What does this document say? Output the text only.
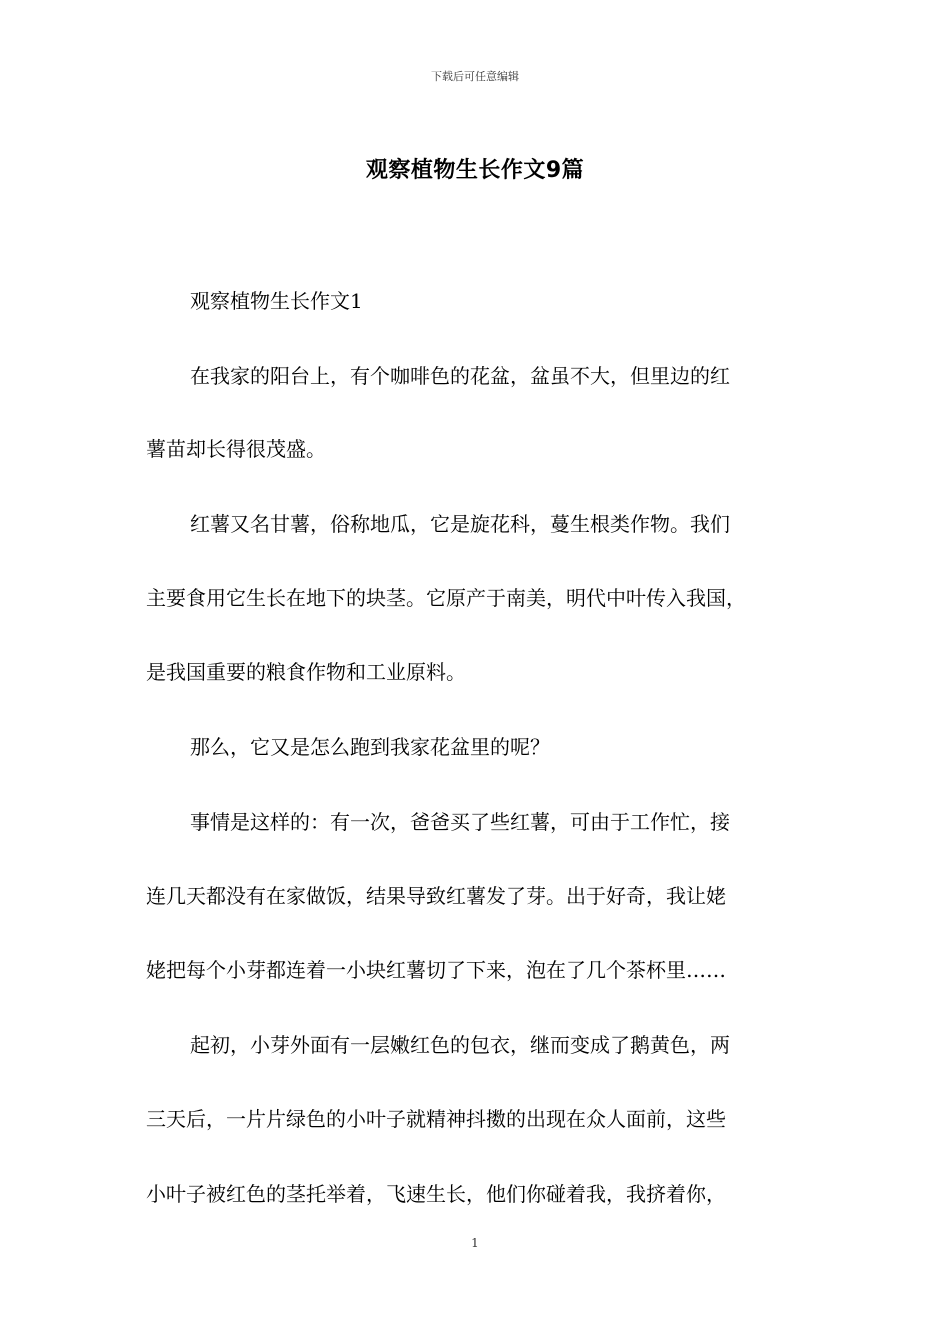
下载后可任意编辑
观察植物生长作文9篇
观察植物生长作文1
在我家的阳台上，有个咖啡色的花盆，盆虽不大，但里边的红
薯苗却长得很茂盛。
红薯又名甘薯，俗称地瓜，它是旋花科，蔓生根类作物。我们
主要食用它生长在地下的块茎。它原产于南美，明代中叶传入我国，
是我国重要的粮食作物和工业原料。
那么，它又是怎么跑到我家花盆里的呢？
事情是这样的：有一次，爸爸买了些红薯，可由于工作忙，接
连几天都没有在家做饭，结果导致红薯发了芽。出于好奇，我让姥
姥把每个小芽都连着一小块红薯切了下来，泡在了几个茶杯里……
起初，小芽外面有一层嫩红色的包衣，继而变成了鹅黄色，两
三天后，一片片绿色的小叶子就精神抖擞的出现在众人面前，这些
小叶子被红色的茎托举着，飞速生长，他们你碰着我，我挤着你，
1
